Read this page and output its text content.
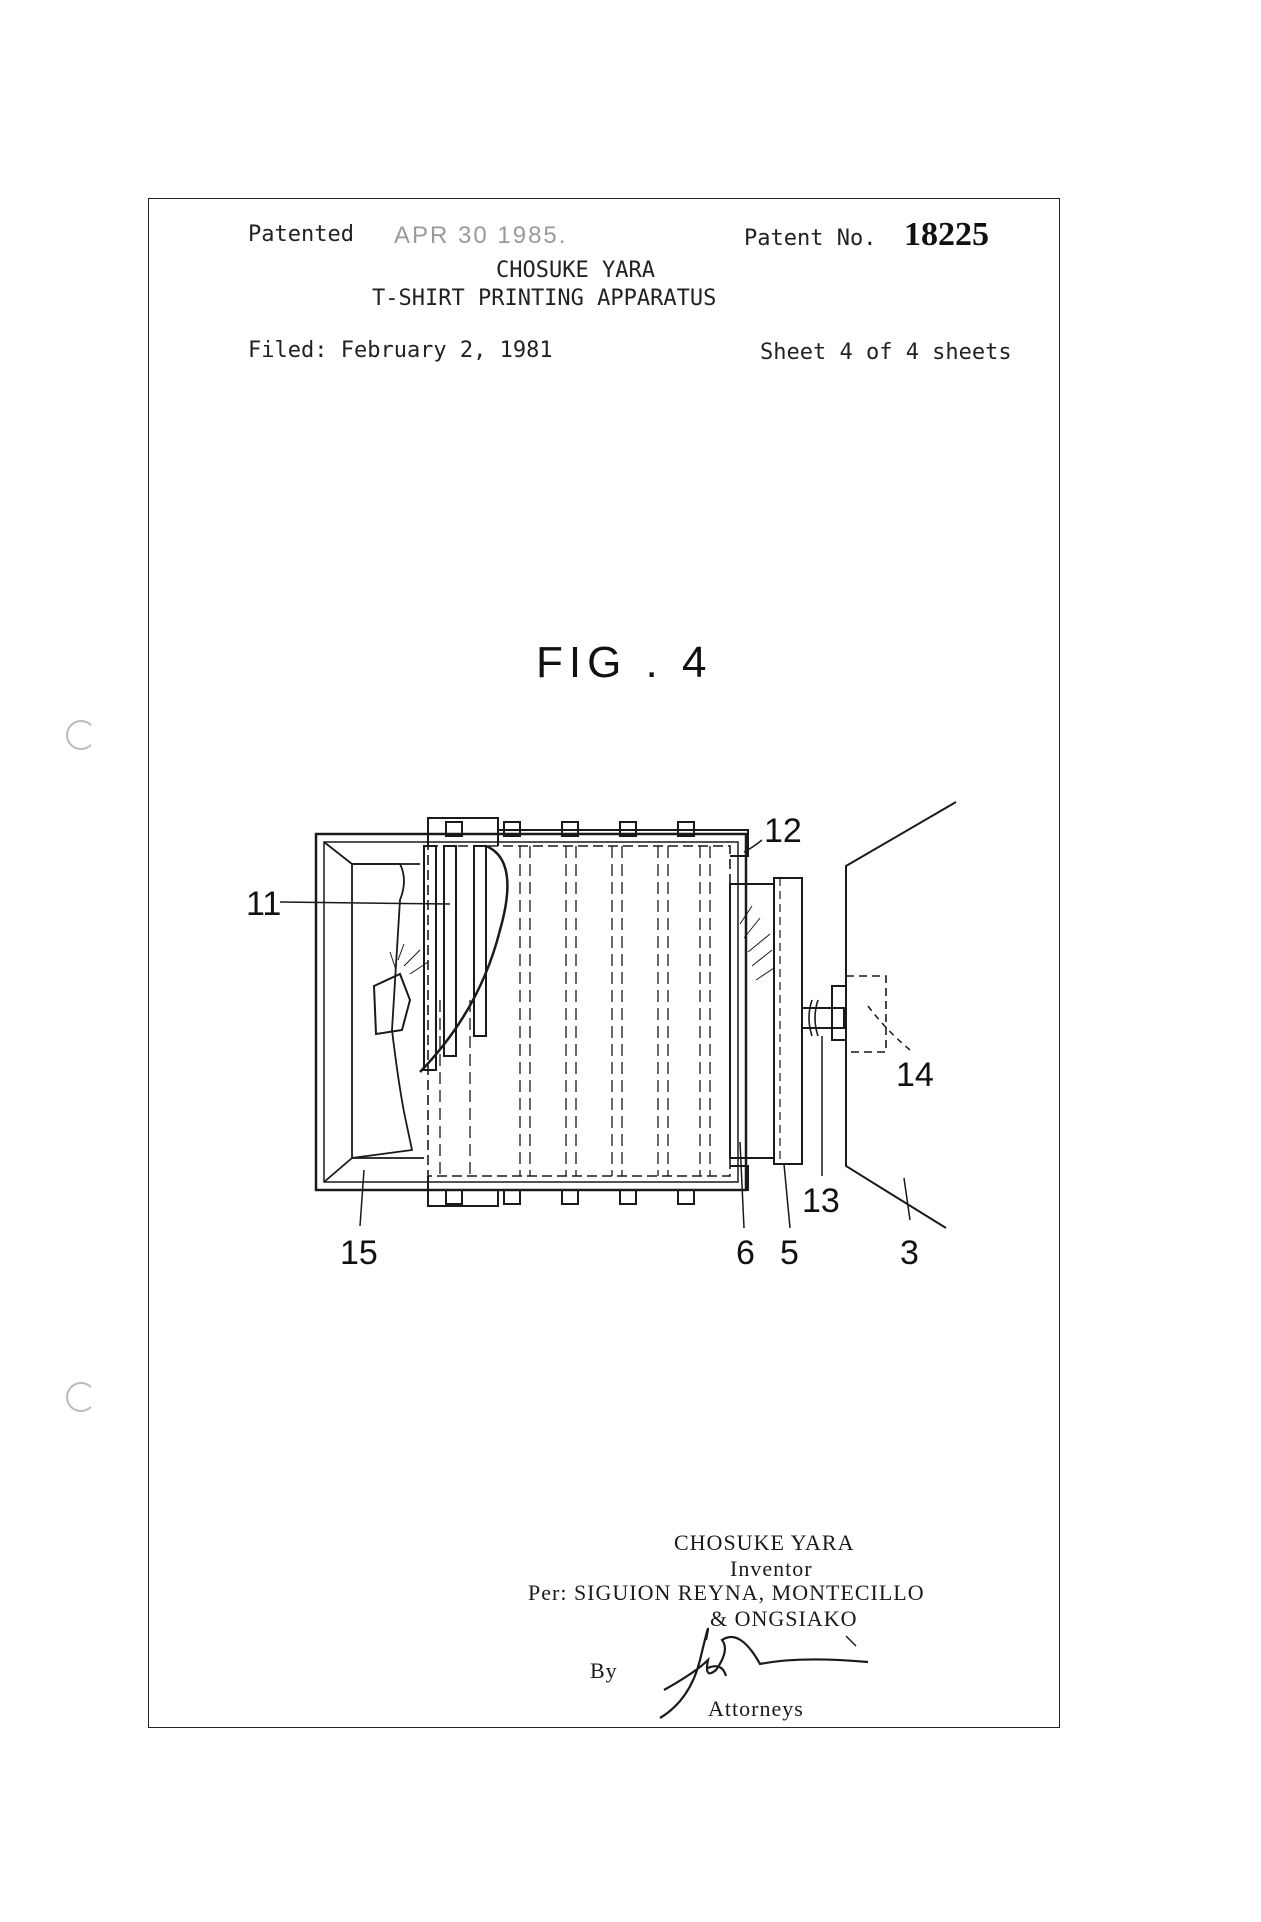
Patented APR 30 1985.	Patent No. 18225
CHOSUKE YARA
T-SHIRT PRINTING APPARATUS
Filed: February 2, 1981	Sheet 4 of 4 sheets
FIG . 4
11
12
14
13
3
15	6 5
CHOSUKE YARA
Inventor
Per: SIGUION REYNA, MONTECILLO
& ONGSIAKO
By
Attorneys
